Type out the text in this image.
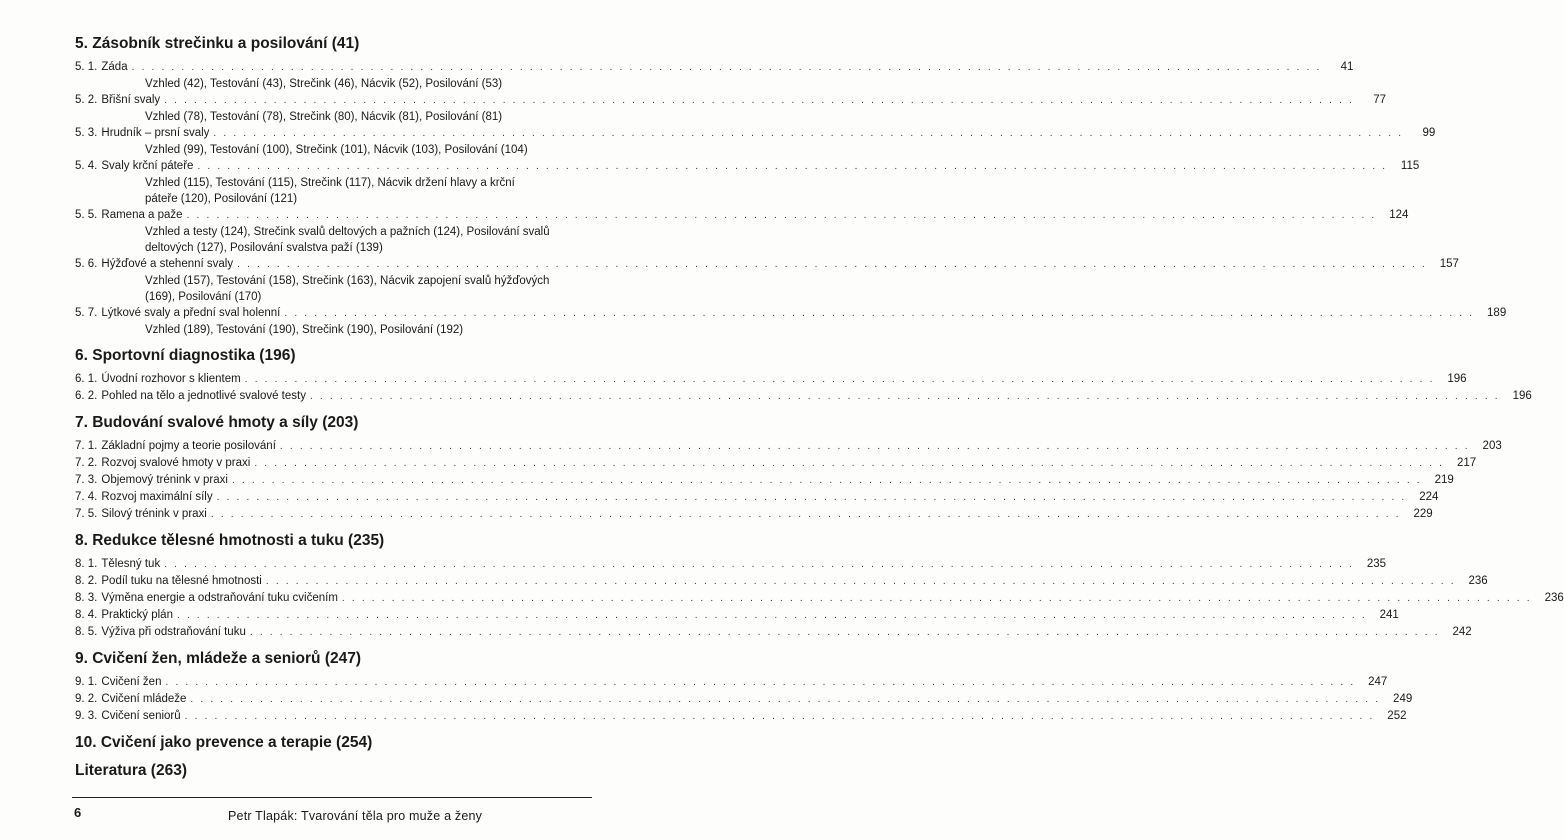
5. Zásobník strečinku a posilování (41)
5. 1. Záda . . . . . . . . . . . . . . . . . . . . . . . . . . . . . . . . . . . . . . . . . . . . . . . . . . . . . . . . . . . . . . . . . . . . . . . . . . . . . . . . . . . . . . . . . . . . . . . . . . . . . . . . . . . . . . . . . . . . . . . .	41
Vzhled (42), Testování (43), Strečink (46), Nácvik (52), Posilování (53)
5. 2. Břišní svaly . . . . . . . . . . . . . . . . . . . . . . . . . . . . . . . . . . . . . . . . . . . . . . . . . . . . . . . . . . . . . . . . . . . . . . . . . . . . . . . . . . . . . . . . . . . . . . . . . . . . . . . . . . . . . . . . . . . . . . . .	77
Vzhled (78), Testování (78), Strečink (80), Nácvik (81), Posilování (81)
5. 3. Hrudník – prsní svaly . . . . . . . . . . . . . . . . . . . . . . . . . . . . . . . . . . . . . . . . . . . . . . . . . . . . . . . . . . . . . . . . . . . . . . . . . . . . . . . . . . . . . . . . . . . . . . . . . . . . . . . . . . . . . . . . . . . . . . . .	99
Vzhled (99), Testování (100), Strečink (101), Nácvik (103), Posilování (104)
5. 4. Svaly krční páteře . . . . . . . . . . . . . . . . . . . . . . . . . . . . . . . . . . . . . . . . . . . . . . . . . . . . . . . . . . . . . . . . . . . . . . . . . . . . . . . . . . . . . . . . . . . . . . . . . . . . . . . . . . . . . . . . . . . . . . . .	115
Vzhled (115), Testování (115), Strečink (117), Nácvik držení hlavy a krční páteře (120), Posilování (121)
5. 5. Ramena a paže . . . . . . . . . . . . . . . . . . . . . . . . . . . . . . . . . . . . . . . . . . . . . . . . . . . . . . . . . . . . . . . . . . . . . . . . . . . . . . . . . . . . . . . . . . . . . . . . . . . . . . . . . . . . . . . . . . . . . . . .	124
Vzhled a testy (124), Strečink svalů deltových a pažních (124), Posilování svalů deltových (127), Posilování svalstva paží (139)
5. 6. Hýžďové a stehenní svaly . . . . . . . . . . . . . . . . . . . . . . . . . . . . . . . . . . . . . . . . . . . . . . . . . . . . . . . . . . . . . . . . . . . . . . . . . . . . . . . . . . . . . . . . . . . . . . . . . . . . . . . . . . . . . . . . . . . . . . . .	157
Vzhled (157), Testování (158), Strečink (163), Nácvik zapojení svalů hýžďových (169), Posilování (170)
5. 7. Lýtkové svaly a přední sval holenní . . . . . . . . . . . . . . . . . . . . . . . . . . . . . . . . . . . . . . . . . . . . . . . . . . . . . . . . . . . . . . . . . . . . . . . . . . . . . . . . . . . . . . . . . . . . . . . . . . . . . . . . . . . . . . . . . . . . . . . .	189
Vzhled (189), Testování (190), Strečink (190), Posilování (192)
6. Sportovní diagnostika (196)
6. 1. Úvodní rozhovor s klientem . . . . . . . . . . . . . . . . . . . . . . . . . . . . . . . . . . . . . . . . . . . . . . . . . . . . . . . . . . . . . . . . . . . . . . . . . . . . . . . . . . . . . . . . . . . . . . . . . . . . . . . . . . . . . . . . . . . . . . . .	196
6. 2. Pohled na tělo a jednotlivé svalové testy . . . . . . . . . . . . . . . . . . . . . . . . . . . . . . . . . . . . . . . . . . . . . . . . . . . . . . . . . . . . . . . . . . . . . . . . . . . . . . . . . . . . . . . . . . . . . . . . . . . . . . . . . . . . . . . . . . . . . . . .	196
7. Budování svalové hmoty a síly (203)
7. 1. Základní pojmy a teorie posilování . . . . . . . . . . . . . . . . . . . . . . . . . . . . . . . . . . . . . . . . . . . . . . . . . . . . . . . . . . . . . . . . . . . . . . . . . . . . . . . . . . . . . . . . . . . . . . . . . . . . . . . . . . . . . . . . . . . . . . . .	203
7. 2. Rozvoj svalové hmoty v praxi . . . . . . . . . . . . . . . . . . . . . . . . . . . . . . . . . . . . . . . . . . . . . . . . . . . . . . . . . . . . . . . . . . . . . . . . . . . . . . . . . . . . . . . . . . . . . . . . . . . . . . . . . . . . . . . . . . . . . . . .	217
7. 3. Objemový trénink v praxi . . . . . . . . . . . . . . . . . . . . . . . . . . . . . . . . . . . . . . . . . . . . . . . . . . . . . . . . . . . . . . . . . . . . . . . . . . . . . . . . . . . . . . . . . . . . . . . . . . . . . . . . . . . . . . . . . . . . . . . .	219
7. 4. Rozvoj maximální síly . . . . . . . . . . . . . . . . . . . . . . . . . . . . . . . . . . . . . . . . . . . . . . . . . . . . . . . . . . . . . . . . . . . . . . . . . . . . . . . . . . . . . . . . . . . . . . . . . . . . . . . . . . . . . . . . . . . . . . . .	224
7. 5. Silový trénink v praxi . . . . . . . . . . . . . . . . . . . . . . . . . . . . . . . . . . . . . . . . . . . . . . . . . . . . . . . . . . . . . . . . . . . . . . . . . . . . . . . . . . . . . . . . . . . . . . . . . . . . . . . . . . . . . . . . . . . . . . . .	229
8. Redukce tělesné hmotnosti a tuku (235)
8. 1. Tělesný tuk . . . . . . . . . . . . . . . . . . . . . . . . . . . . . . . . . . . . . . . . . . . . . . . . . . . . . . . . . . . . . . . . . . . . . . . . . . . . . . . . . . . . . . . . . . . . . . . . . . . . . . . . . . . . . . . . . . . . . . . .	235
8. 2. Podíl tuku na tělesné hmotnosti . . . . . . . . . . . . . . . . . . . . . . . . . . . . . . . . . . . . . . . . . . . . . . . . . . . . . . . . . . . . . . . . . . . . . . . . . . . . . . . . . . . . . . . . . . . . . . . . . . . . . . . . . . . . . . . . . . . . . . . .	236
8. 3. Výměna energie a odstraňování tuku cvičením . . . . . . . . . . . . . . . . . . . . . . . . . . . . . . . . . . . . . . . . . . . . . . . . . . . . . . . . . . . . . . . . . . . . . . . . . . . . . . . . . . . . . . . . . . . . . . . . . . . . . . . . . . . . . . . . . . . . . . . .	236
8. 4. Praktický plán . . . . . . . . . . . . . . . . . . . . . . . . . . . . . . . . . . . . . . . . . . . . . . . . . . . . . . . . . . . . . . . . . . . . . . . . . . . . . . . . . . . . . . . . . . . . . . . . . . . . . . . . . . . . . . . . . . . . . . . .	241
8. 5. Výživa při odstraňování tuku . . . . . . . . . . . . . . . . . . . . . . . . . . . . . . . . . . . . . . . . . . . . . . . . . . . . . . . . . . . . . . . . . . . . . . . . . . . . . . . . . . . . . . . . . . . . . . . . . . . . . . . . . . . . . . . . . . . . . . . .	242
9. Cvičení žen, mládeže a seniorů (247)
9. 1. Cvičení žen . . . . . . . . . . . . . . . . . . . . . . . . . . . . . . . . . . . . . . . . . . . . . . . . . . . . . . . . . . . . . . . . . . . . . . . . . . . . . . . . . . . . . . . . . . . . . . . . . . . . . . . . . . . . . . . . . . . . . . . .	247
9. 2. Cvičení mládeže . . . . . . . . . . . . . . . . . . . . . . . . . . . . . . . . . . . . . . . . . . . . . . . . . . . . . . . . . . . . . . . . . . . . . . . . . . . . . . . . . . . . . . . . . . . . . . . . . . . . . . . . . . . . . . . . . . . . . . . .	249
9. 3. Cvičení seniorů . . . . . . . . . . . . . . . . . . . . . . . . . . . . . . . . . . . . . . . . . . . . . . . . . . . . . . . . . . . . . . . . . . . . . . . . . . . . . . . . . . . . . . . . . . . . . . . . . . . . . . . . . . . . . . . . . . . . . . . .	252
10. Cvičení jako prevence a terapie (254)
Literatura (263)
6	Petr Tlapák: Tvarování těla pro muže a ženy
